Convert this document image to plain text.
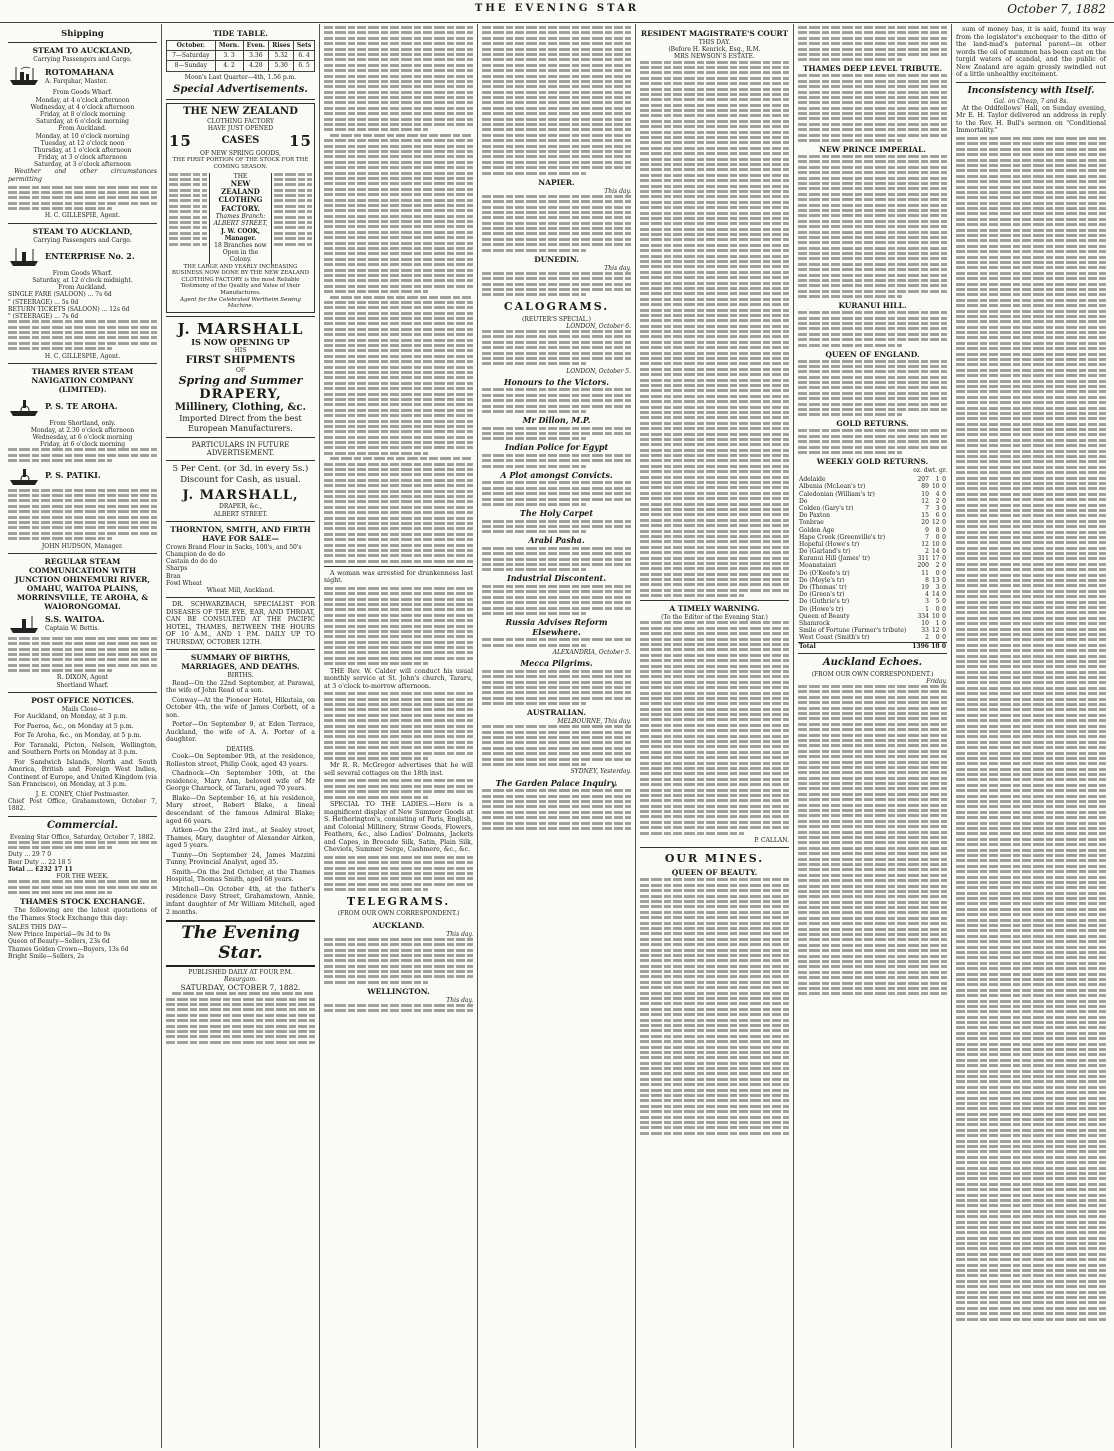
THE EVENING STAR	October 7, 1882
Shipping
STEAM TO AUCKLAND,
Carrying Passengers and Cargo.
ROTOMAHANA
A. Farquhar, Master.
From Goods Wharf.
Monday, at 4 o'clock afternoon
Wednesday, at 4 o'clock afternoon
Friday, at 8 o'clock morning
Saturday, at 6 o'clock morning
From Auckland.
Monday, at 10 o'clock morning
Tuesday, at 12 o'clock noon
Thursday, at 1 o'clock afternoon
Friday, at 3 o'clock afternoon
Saturday, at 3 o'clock afternoon

Weather and other circumstances permitting

H. C. GILLESPIE, Agent.
STEAM TO AUCKLAND,
Carrying Passengers and Cargo.
ENTERPRISE No. 2.
From Goods Wharf.
Saturday, at 12 o'clock midnight.
From Auckland.
SINGLE FARE (SALOON) ... 7s 6d
" (STEERAGE) ... 5s 0d
RETURN TICKETS (SALOON) ... 12s 6d
" (STEERAGE) ... 7s 6d
H. C. GILLESPIE, Agent.
THAMES RIVER STEAM NAVIGATION COMPANY (LIMITED).
P. S. TE AROHA.
From Shortland, only.
Monday, at 2.30 o'clock afternoon
Wednesday, at 6 o'clock morning
Friday, at 6 o'clock morning
P. S. PATIKI.
JOHN HUDSON, Manager.
REGULAR STEAM COMMUNICATION WITH JUNCTION OHINEMURI RIVER, OMAHU, WAITOA PLAINS, MORRINSVILLE, TE AROHA, & WAIORONGOMAI.
S.S. WAITOA.
Captain W. Bettis.
R. DIXON, Agent
Shortland Wharf.
POST OFFICE NOTICES.
Mails Close—

For Auckland, on Monday, at 3 p.m.

For Paeroa, &c., on Monday at 5 p.m.

For Te Aroha, &c., on Monday, at 5 p.m.

For Taranaki, Picton, Nelson, Wellington, and Southern Ports on Monday at 3 p.m.

For Sandwich Islands, North and South America, British and Foreign West Indies, Continent of Europe, and United Kingdom (via San Francisco), on Monday, at 3 p.m.

J. E. CONEY, Chief Postmaster.
Chief Post Office, Grahamstown, October 7, 1882.
Commercial.
Evening Star Office, Saturday, October 7, 1882.
Duty ... 29 7 0
Beer Duty ... 22 18 5
Total ... £232 17 11
FOR THE WEEK.
THAMES STOCK EXCHANGE.

The following are the latest quotations of the Thames Stock Exchange this day:

SALES THIS DAY—
New Prince Imperial—9s 3d to 9s
Queen of Beauty—Sellers, 23s 6d
Thames Golden Crown—Buyers, 13s 6d
Bright Smile—Sellers, 2s
TIDE TABLE.
October.	Morn.	Even.	Rises	Sets
7—Saturday	3. 3	3.36	5.32	6. 4
8—Sunday	4. 2	4.28	5.30	6. 5
Moon's Last Quarter—4th, 1.56 p.m.
Special Advertisements.
THE NEW ZEALAND
CLOTHING FACTORY
HAVE JUST OPENED
15	CASES 15
OF NEW SPRING GOODS,
THE FIRST PORTION OF THE STOCK FOR THE COMING SEASON.
THE
NEW ZEALAND
CLOTHING
FACTORY.
Thames Branch: ALBERT STREET,
J. W. COOK, Manager.
18 Branches now Open in the Colony.
THE LARGE AND YEARLY INCREASING BUSINESS NOW DONE BY THE NEW ZEALAND CLOTHING FACTORY is the most Reliable Testimony of the Quality and Value of their Manufactures.
Agent for the Celebrated Wertheim Sewing Machine.
J. MARSHALL
IS NOW OPENING UP
HIS
FIRST SHIPMENTS
OF
Spring and Summer
DRAPERY,
Millinery, Clothing, &c.
Imported Direct from the best European Manufacturers.
PARTICULARS IN FUTURE ADVERTISEMENT.
5 Per Cent. (or 3d. in every 5s.) Discount for Cash, as usual.
J. MARSHALL,
DRAPER, &c.,
ALBERT STREET.
THORNTON, SMITH, AND FIRTH HAVE FOR SALE—
Crown Brand Flour in Sacks, 100's, and 50's
Champion do do do
Castain do do do
Sharps
Bran
Fowl Wheat
Wheat Mill, Auckland.

DR. SCHWARZBACH, SPECIALIST FOR DISEASES OF THE EYE, EAR, AND THROAT, CAN BE CONSULTED AT THE PACIFIC HOTEL, THAMES, BETWEEN THE HOURS OF 10 A.M., AND 1 P.M. DAILY UP TO THURSDAY, OCTOBER 12TH.

SUMMARY OF BIRTHS, MARRIAGES, AND DEATHS.
BIRTHS.

Read—On the 22nd September, at Parawai, the wife of John Read of a son.

Conway—At the Pioneer Hotel, Hikutaia, on October 4th, the wife of James Corbett, of a son.

Porter—On September 9, at Eden Terrace, Auckland, the wife of A. A. Porter of a daughter.

DEATHS.

Cook—On September 9th, at the residence, Rolleston street, Philip Cook, aged 43 years.

Chadnock—On September 10th, at the residence, Mary Ann, beloved wife of Mr George Charnock, of Tararu, aged 70 years.

Blake—On September 16, at his residence, Mary street, Robert Blake, a lineal descendant of the famous Admiral Blake; aged 66 years.

Aitken—On the 23rd inst., at Sealey street, Thames, Mary, daughter of Alexander Aitken, aged 5 years.

Tunny—On September 24, James Mazzini Tunny, Provincial Analyst, aged 35.

Smith—On the 2nd October, at the Thames Hospital, Thomas Smith, aged 68 years.

Mitchell—On October 4th, at the father's residence Davy Street, Grahamstown, Annie, infant daughter of Mr William Mitchell, aged 2 months.

The Evening Star.
PUBLISHED DAILY AT FOUR P.M.
Resurgam.
SATURDAY, OCTOBER 7, 1882.

A woman was arrested for drunkenness last night.

THE Rev. W. Calder will conduct his usual monthly service at St. John's church, Tararu, at 3 o'clock to-morrow afternoon.

Mr R. R. McGregor advertises that he will sell several cottages on the 18th inst.

SPECIAL TO THE LADIES.—Here is a magnificent display of New Summer Goods at S. Hetherington's, consisting of Paris, English, and Colonial Millinery, Straw Goods, Flowers, Feathers, &c., also Ladies' Dolmans, Jackets and Capes, in Brocade Silk, Satin, Plain Silk, Cheviots, Summer Serge, Cashmere, &c., &c.

TELEGRAMS.
(FROM OUR OWN CORRESPONDENT.)
AUCKLAND.
This day.
WELLINGTON.
This day.
NAPIER.
This day.
DUNEDIN.
This day.
CALOGRAMS.
(REUTER'S SPECIAL.)
LONDON, October 6.
LONDON, October 5.
Honours to the Victors.
Mr Dillon, M.P.
Indian Police for Egypt
A Plot amongst Convicts.
The Holy Carpet
Arabi Pasha.
Industrial Discontent.
Russia Advises Reform Elsewhere.
ALEXANDRIA, October 5.
Mecca Pilgrims.
AUSTRALIAN.
MELBOURNE, This day.
SYDNEY, Yesterday.
The Garden Palace Inquiry.
RESIDENT MAGISTRATE'S COURT
THIS DAY.
(Before H. Kenrick, Esq., R.M.
MRS NEWSON'S ESTATE.
A TIMELY WARNING.
(To the Editor of the Evening Star.)
P. CALLAN.
OUR MINES.
QUEEN OF BEAUTY.
THAMES DEEP LEVEL TRIBUTE.
NEW PRINCE IMPERIAL.
KURANUI HILL.
QUEEN OF ENGLAND.
GOLD RETURNS.
WEEKLY GOLD RETURNS.
oz. dwt. gr.
Adelaide	207	1	0
Albunia (McLean's tr)	89	10	0
Caledonian (William's tr)	10	4	0
Do	12	2	0
Colden (Gary's tr)	7	3	0
Do Paxton	15	6	0
Tonbrae	20	12	0
Golden Age	9	8	0
Hape Creek (Greenville's tr)	7	0	0
Hopeful (Howe's tr)	12	10	0
Do (Garland's tr)	2	14	0
Kuranui Hill (James' tr)	311	17	0
Moanataiari	200	2	0
Do (O'Keefe's tr)	11	0	0
Do (Moyle's tr)	8	13	0
Do (Thomas' tr)	19	3	0
Do (Green's tr)	4	14	0
Do (Guthrie's tr)	3	5	0
Do (Howe's tr)	1	0	0
Queen of Beauty	334	10	0
Shamrock	10	1	0
Smile of Fortune (Farmer's tribute)	33	12	0
West Coast (Smith's tr)	2	0	0
Total	1396	18	0
Auckland Echoes.
(FROM OUR OWN CORRESPONDENT.)
Friday.

sum of money has, it is said, found its way from the legislator's exchequer to the ditto of the land-mad's paternal parent—in other words the oil of mammon has been cast on the turgid waters of scandal, and the public of New Zealand are again grossly swindled out of a little unhealthy excitement.

Inconsistency with Itself.
Gal. on Cheap, 7 and 8s.

At the Oddfellows' Hall, on Sunday evening, Mr E. H. Taylor delivered an address in reply to the Rev. H. Bull's sermon on "Conditional Immortality."
